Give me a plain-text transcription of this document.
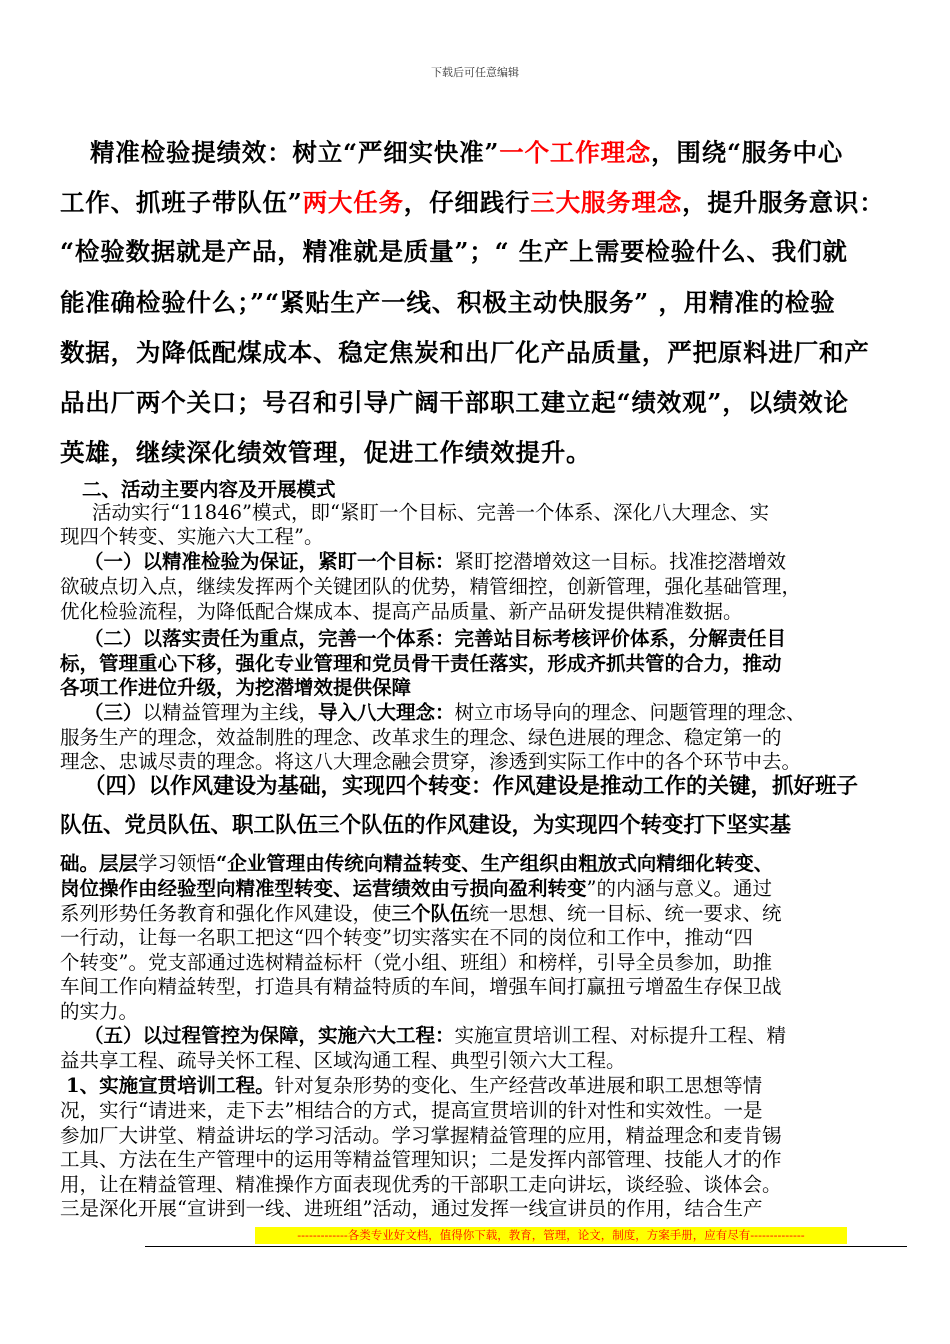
下载后可任意编辑

精准检验提绩效：树立“严细实快准”一个工作理念，围绕“服务中心

工作、抓班子带队伍”两大任务，仔细践行三大服务理念，提升服务意识：

“检验数据就是产品，精准就是质量”；“ 生产上需要检验什么、我们就

能准确检验什么；”“紧贴生产一线、积极主动快服务” ，用精准的检验

数据，为降低配煤成本、稳定焦炭和出厂化产品质量，严把原料进厂和产

品出厂两个关口；号召和引导广阔干部职工建立起“绩效观”，以绩效论

英雄，继续深化绩效管理，促进工作绩效提升。

二、活动主要内容及开展模式

活动实行“11846”模式，即“紧盯一个目标、完善一个体系、深化八大理念、实

现四个转变、实施六大工程”。

（一）以精准检验为保证，紧盯一个目标：紧盯挖潜增效这一目标。找准挖潜增效

欲破点切入点，继续发挥两个关键团队的优势，精管细控，创新管理，强化基础管理，

优化检验流程，为降低配合煤成本、提高产品质量、新产品研发提供精准数据。

（二）以落实责任为重点，完善一个体系：完善站目标考核评价体系，分解责任目

标，管理重心下移，强化专业管理和党员骨干责任落实，形成齐抓共管的合力，推动

各项工作进位升级，为挖潜增效提供保障

（三）以精益管理为主线，导入八大理念：树立市场导向的理念、问题管理的理念、

服务生产的理念，效益制胜的理念、改革求生的理念、绿色进展的理念、稳定第一的

理念、忠诚尽责的理念。将这八大理念融会贯穿，渗透到实际工作中的各个环节中去。

（四）以作风建设为基础，实现四个转变：作风建设是推动工作的关键，抓好班子

队伍、党员队伍、职工队伍三个队伍的作风建设，为实现四个转变打下坚实基

础。层层学习领悟“企业管理由传统向精益转变、生产组织由粗放式向精细化转变、

岗位操作由经验型向精准型转变、运营绩效由亏损向盈利转变”的内涵与意义。通过

系列形势任务教育和强化作风建设，使三个队伍统一思想、统一目标、统一要求、统

一行动，让每一名职工把这“四个转变”切实落实在不同的岗位和工作中，推动“四

个转变”。党支部通过选树精益标杆（党小组、班组）和榜样，引导全员参加，助推

车间工作向精益转型，打造具有精益特质的车间，增强车间打赢扭亏增盈生存保卫战

的实力。

（五）以过程管控为保障，实施六大工程：实施宣贯培训工程、对标提升工程、精

益共享工程、疏导关怀工程、区域沟通工程、典型引领六大工程。

1、实施宣贯培训工程。针对复杂形势的变化、生产经营改革进展和职工思想等情

况，实行“请进来，走下去”相结合的方式，提高宣贯培训的针对性和实效性。一是

参加厂大讲堂、精益讲坛的学习活动。学习掌握精益管理的应用，精益理念和麦肯锡

工具、方法在生产管理中的运用等精益管理知识；二是发挥内部管理、技能人才的作

用，让在精益管理、精准操作方面表现优秀的干部职工走向讲坛，谈经验、谈体会。

三是深化开展“宣讲到一线、进班组”活动，通过发挥一线宣讲员的作用，结合生产

-------------各类专业好文档，值得你下载，教育，管理，论文，制度，方案手册，应有尽有--------------
